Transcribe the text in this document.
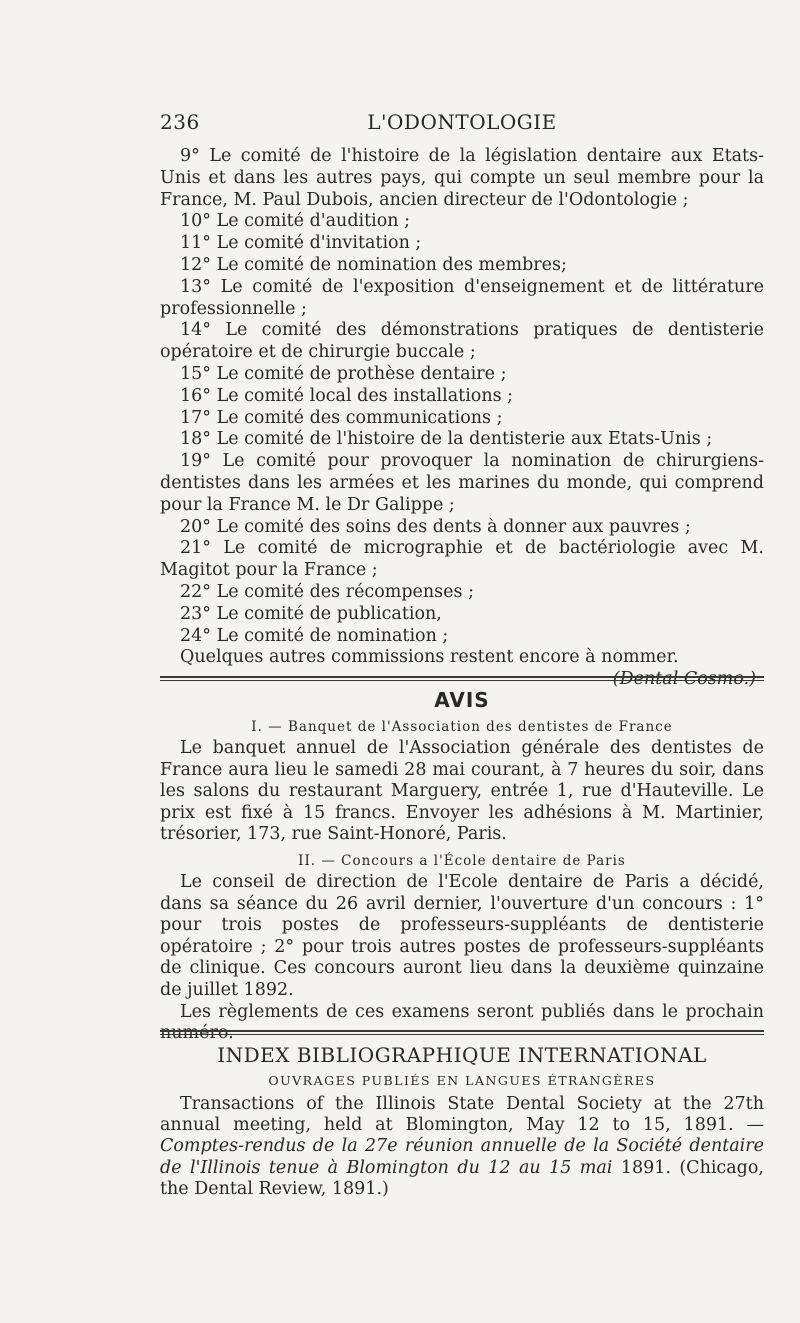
236	L'ODONTOLOGIE

9° Le comité de l'histoire de la législation dentaire aux Etats-Unis et dans les autres pays, qui compte un seul membre pour la France, M. Paul Dubois, ancien directeur de l'Odontologie ;

10° Le comité d'audition ;

11° Le comité d'invitation ;

12° Le comité de nomination des membres;

13° Le comité de l'exposition d'enseignement et de littérature professionnelle ;

14° Le comité des démonstrations pratiques de dentisterie opératoire et de chirurgie buccale ;

15° Le comité de prothèse dentaire ;

16° Le comité local des installations ;

17° Le comité des communications ;

18° Le comité de l'histoire de la dentisterie aux Etats-Unis ;

19° Le comité pour provoquer la nomination de chirurgiens-dentistes dans les armées et les marines du monde, qui comprend pour la France M. le Dr Galippe ;

20° Le comité des soins des dents à donner aux pauvres ;

21° Le comité de micrographie et de bactériologie avec M. Magitot pour la France ;

22° Le comité des récompenses ;

23° Le comité de publication,

24° Le comité de nomination ;

Quelques autres commissions restent encore à nommer.

AVIS

I. — Banquet de l'Association des dentistes de France

Le banquet annuel de l'Association générale des dentistes de France aura lieu le samedi 28 mai courant, à 7 heures du soir, dans les salons du restaurant Marguery, entrée 1, rue d'Hauteville. Le prix est fixé à 15 francs. Envoyer les adhésions à M. Martinier, trésorier, 173, rue Saint-Honoré, Paris.

II. — Concours a l'École dentaire de Paris

Le conseil de direction de l'Ecole dentaire de Paris a décidé, dans sa séance du 26 avril dernier, l'ouverture d'un concours : 1° pour trois postes de professeurs-suppléants de dentisterie opératoire ; 2° pour trois autres postes de professeurs-suppléants de clinique. Ces concours auront lieu dans la deuxième quinzaine de juillet 1892.

Les règlements de ces examens seront publiés dans le prochain

INDEX BIBLIOGRAPHIQUE INTERNATIONAL
OUVRAGES PUBLIÉS EN LANGUES ÉTRANGÈRES

Transactions of the Illinois State Dental Society at the 27th annual meeting, held at Blomington, May 12 to 15, 1891. — Comptes-rendus de la 27e réunion annuelle de la Société dentaire de l'Illinois tenue à Blomington du 12 au 15 mai 1891. (Chicago, the Dental Review, 1891.)
